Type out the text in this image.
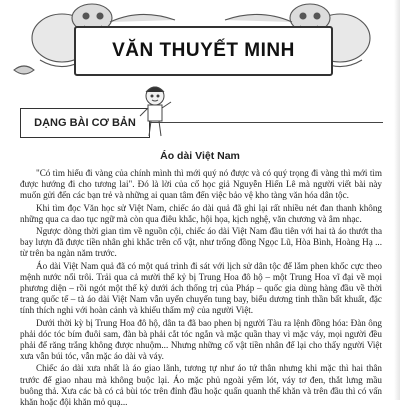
VĂN THUYẾT MINH
DẠNG BÀI CƠ BẢN
Áo dài Việt Nam

"Có tìm hiểu đi vàng của chính mình thì mới quý nó được và có quý trọng đi vàng thì mới tìm được hướng đi cho tương lai". Đó là lời của cố học giả Nguyễn Hiến Lê mà người viết bài này muốn gửi đến các bạn trẻ và những ai quan tâm đến việc bảo vệ kho tàng văn hóa dân tộc.

Khi tìm đọc Văn học sử Việt Nam, chiếc áo dài quả đã ghi lại rất nhiều nét đan thanh không những qua ca dao tục ngữ mà còn qua điêu khắc, hội họa, kịch nghệ, văn chương và âm nhạc.

Ngược dòng thời gian tìm về nguồn cội, chiếc áo dài Việt Nam đầu tiên với hai tà áo thướt tha bay lượn đã được tiền nhân ghi khắc trên cổ vật, như trống đồng Ngọc Lũ, Hòa Bình, Hoàng Hạ ... từ trên ba ngàn năm trước.

Áo dài Việt Nam quả đã có một quá trình đi sát với lịch sử dân tộc để lắm phen khốc cực theo mệnh nước nổi trôi. Trải qua cả mười thế kỷ bị Trung Hoa đô hộ – một Trung Hoa vĩ đại về mọi phương diện – rồi ngót một thế kỷ dưới ách thống trị của Pháp – quốc gia dùng hàng đầu về thời trang quốc tế – tà áo dài Việt Nam vẫn uyển chuyển tung bay, biểu dương tinh thần bất khuất, đặc tính thích nghi với hoàn cảnh và khiếu thẩm mỹ của người Việt.

Dưới thời kỳ bị Trung Hoa đô hộ, dân ta đã bao phen bị người Tàu ra lệnh đồng hóa: Đàn ông phải dóc tóc bím đuôi sam, đàn bà phải cắt tóc ngắn và mặc quần thay vì mặc váy, mọi người đều phải để răng trắng không được nhuộm... Nhưng những cố vật tiền nhân để lại cho thấy người Việt xưa vẫn búi tóc, vẫn mặc áo dài và váy.

Chiếc áo dài xưa nhất là áo giao lãnh, tương tự như áo tứ thân nhưng khi mặc thì hai thân trước để giao nhau mà không buộc lại. Áo mặc phủ ngoài yếm lót, váy tơ đen, thắt lưng mầu buông thả. Xưa các bà có cả bùi tóc trên đỉnh đầu hoặc quấn quanh thế khăn và trên đầu thì có vấn khăn hoặc đội khăn mỏ quạ...
